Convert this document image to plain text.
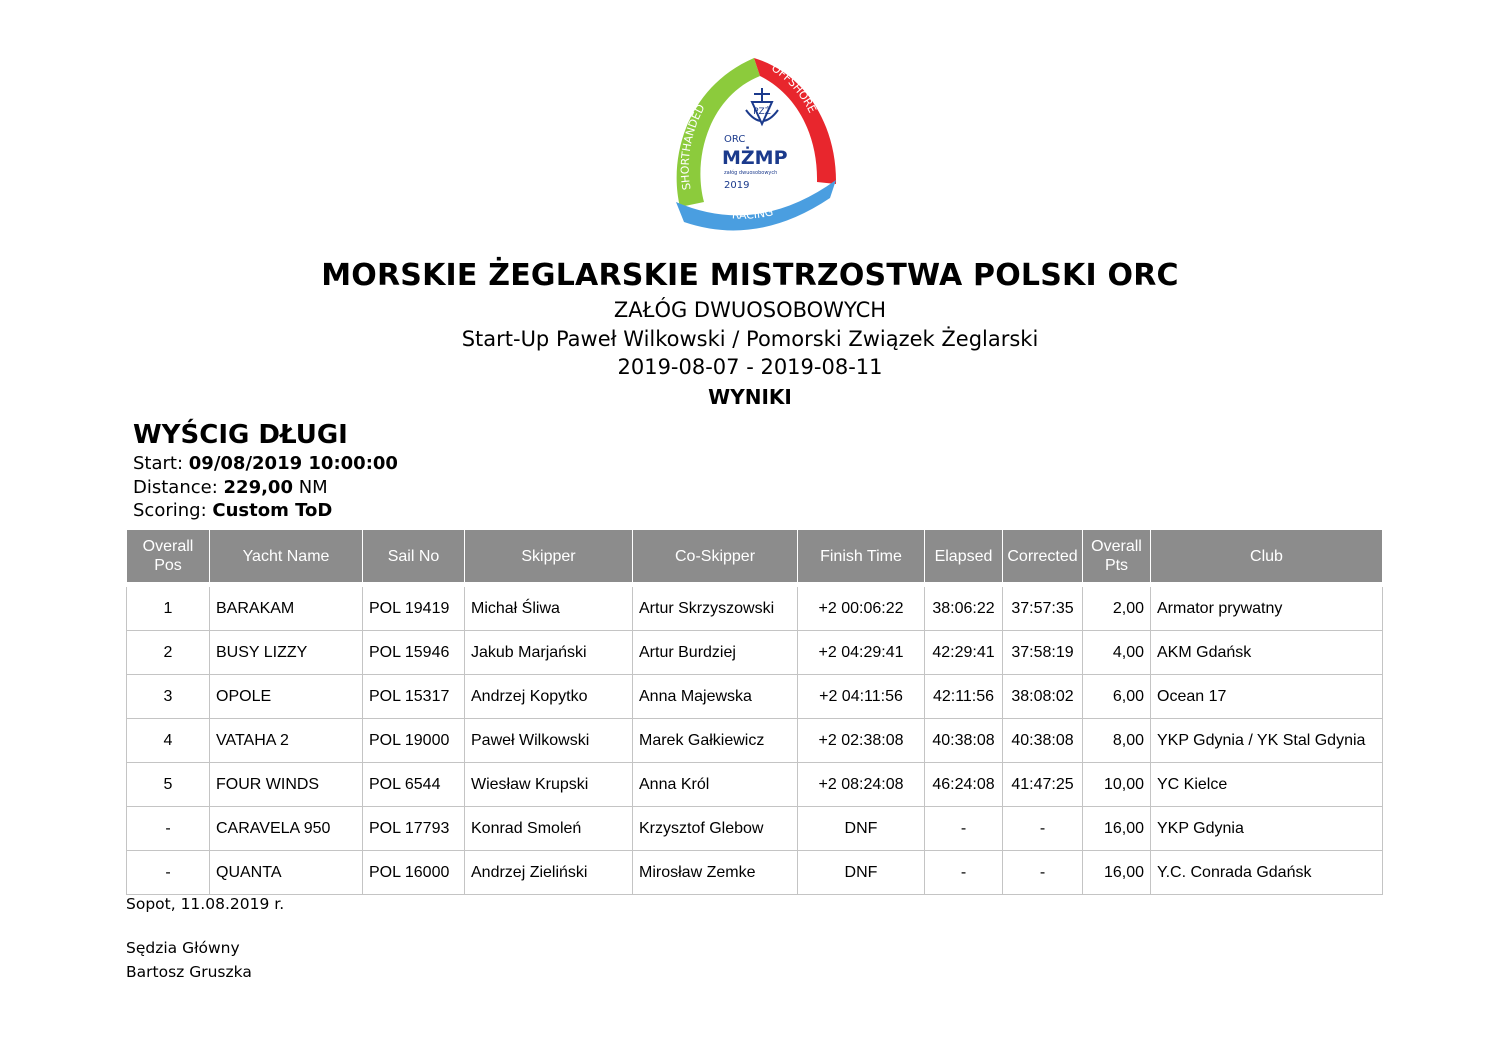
SHORTHANDED
OFFSHORE
RACING
PZŻ
ORC
MŻMP
załóg dwuosobowych
2019
MORSKIE ŻEGLARSKIE MISTRZOSTWA POLSKI ORC
ZAŁÓG DWUOSOBOWYCH
Start-Up Paweł Wilkowski / Pomorski Związek Żeglarski
2019-08-07 - 2019-08-11
WYNIKI
WYŚCIG DŁUGI
Start: 09/08/2019 10:00:00
Distance: 229,00 NM
Scoring: Custom ToD
Overall Pos	Yacht Name	Sail No	Skipper	Co-Skipper	Finish Time	Elapsed	Corrected	Overall Pts	Club
1	BARAKAM	POL 19419	Michał Śliwa	Artur Skrzyszowski	+2 00:06:22	38:06:22	37:57:35	2,00	Armator prywatny
2	BUSY LIZZY	POL 15946	Jakub Marjański	Artur Burdziej	+2 04:29:41	42:29:41	37:58:19	4,00	AKM Gdańsk
3	OPOLE	POL 15317	Andrzej Kopytko	Anna Majewska	+2 04:11:56	42:11:56	38:08:02	6,00	Ocean 17
4	VATAHA 2	POL 19000	Paweł Wilkowski	Marek Gałkiewicz	+2 02:38:08	40:38:08	40:38:08	8,00	YKP Gdynia / YK Stal Gdynia
5	FOUR WINDS	POL 6544	Wiesław Krupski	Anna Król	+2 08:24:08	46:24:08	41:47:25	10,00	YC Kielce
-	CARAVELA 950	POL 17793	Konrad Smoleń	Krzysztof Glebow	DNF	-	-	16,00	YKP Gdynia
-	QUANTA	POL 16000	Andrzej Zieliński	Mirosław Zemke	DNF	-	-	16,00	Y.C. Conrada Gdańsk
Sopot, 11.08.2019 r.
Sędzia Główny
Bartosz Gruszka
